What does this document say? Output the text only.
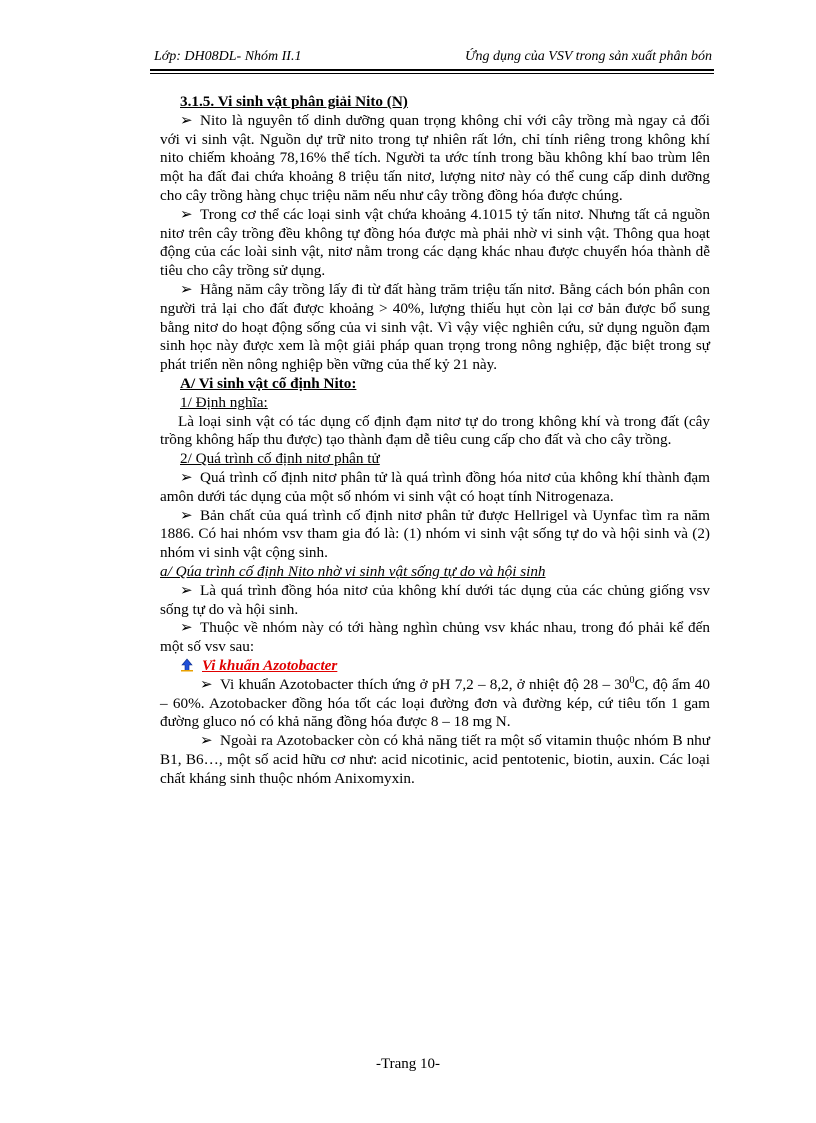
Lớp: DH08DL- Nhóm II.1	Ứng dụng của VSV trong sản xuất phân bón

3.1.5. Vi sinh vật phân giải Nito (N)

➢ Nito là nguyên tố dinh dưỡng quan trọng không chỉ với cây trồng mà ngay cả đối với vi sinh vật. Nguồn dự trữ nito trong tự nhiên rất lớn, chỉ tính riêng trong không khí nito chiếm khoảng 78,16% thể tích. Người ta ước tính trong bầu không khí bao trùm lên một ha đất đai chứa khoảng 8 triệu tấn nitơ, lượng nitơ này có thể cung cấp dinh dưỡng cho cây trồng hàng chục triệu năm nếu như cây trồng đồng hóa được chúng.

➢ Trong cơ thể các loại sinh vật chứa khoảng 4.1015 tỷ tấn nitơ. Nhưng tất cả nguồn nitơ trên cây trồng đều không tự đồng hóa được mà phải nhờ vi sinh vật. Thông qua hoạt động của các loài sinh vật, nitơ nằm trong các dạng khác nhau được chuyển hóa thành dễ tiêu cho cây trồng sử dụng.

➢ Hằng năm cây trồng lấy đi từ đất hàng trăm triệu tấn nitơ. Bằng cách bón phân con người trả lại cho đất được khoảng > 40%, lượng thiếu hụt còn lại cơ bản được bổ sung bằng nitơ do hoạt động sống của vi sinh vật. Vì vậy việc nghiên cứu, sử dụng nguồn đạm sinh học này được xem là một giải pháp quan trọng trong nông nghiệp, đặc biệt trong sự phát triển nền nông nghiệp bền vững của thế kỷ 21 này.

A/ Vi sinh vật cố định Nito:

1/ Định nghĩa:

Là loại sinh vật có tác dụng cố định đạm nitơ tự do trong không khí và trong đất (cây trồng không hấp thu được) tạo thành đạm dễ tiêu cung cấp cho đất và cho cây trồng.

2/ Quá trình cố định nitơ phân tử

➢ Quá trình cố định nitơ phân tử là quá trình đồng hóa nitơ của không khí thành đạm amôn dưới tác dụng của một số nhóm vi sinh vật có hoạt tính Nitrogenaza.

➢ Bản chất của quá trình cố định nitơ phân tử được Hellrigel và Uynfac tìm ra năm 1886. Có hai nhóm vsv tham gia đó là: (1) nhóm vi sinh vật sống tự do và hội sinh và (2) nhóm vi sinh vật cộng sinh.

a/ Qúa trình cố định Nito nhờ vi sinh vật sống tự do và hội sinh

➢ Là quá trình đồng hóa nitơ của không khí dưới tác dụng của các chủng giống vsv sống tự do và hội sinh.

➢ Thuộc về nhóm này có tới hàng nghìn chủng vsv khác nhau, trong đó phải kể đến một số vsv sau:

Vi khuẩn Azotobacter

➢ Vi khuẩn Azotobacter thích ứng ở pH 7,2 – 8,2, ở nhiệt độ $28 - 30^0C$, độ ẩm 40 – 60%. Azotobacker đồng hóa tốt các loại đường đơn và đường kép, cứ tiêu tốn 1 gam đường gluco nó có khả năng đồng hóa được 8 – 18 mg N.

➢ Ngoài ra Azotobacker còn có khả năng tiết ra một số vitamin thuộc nhóm B như B1, B6…, một số acid hữu cơ như: acid nicotinic, acid pentotenic, biotin, auxin. Các loại chất kháng sinh thuộc nhóm Anixomyxin.

-Trang 10-
